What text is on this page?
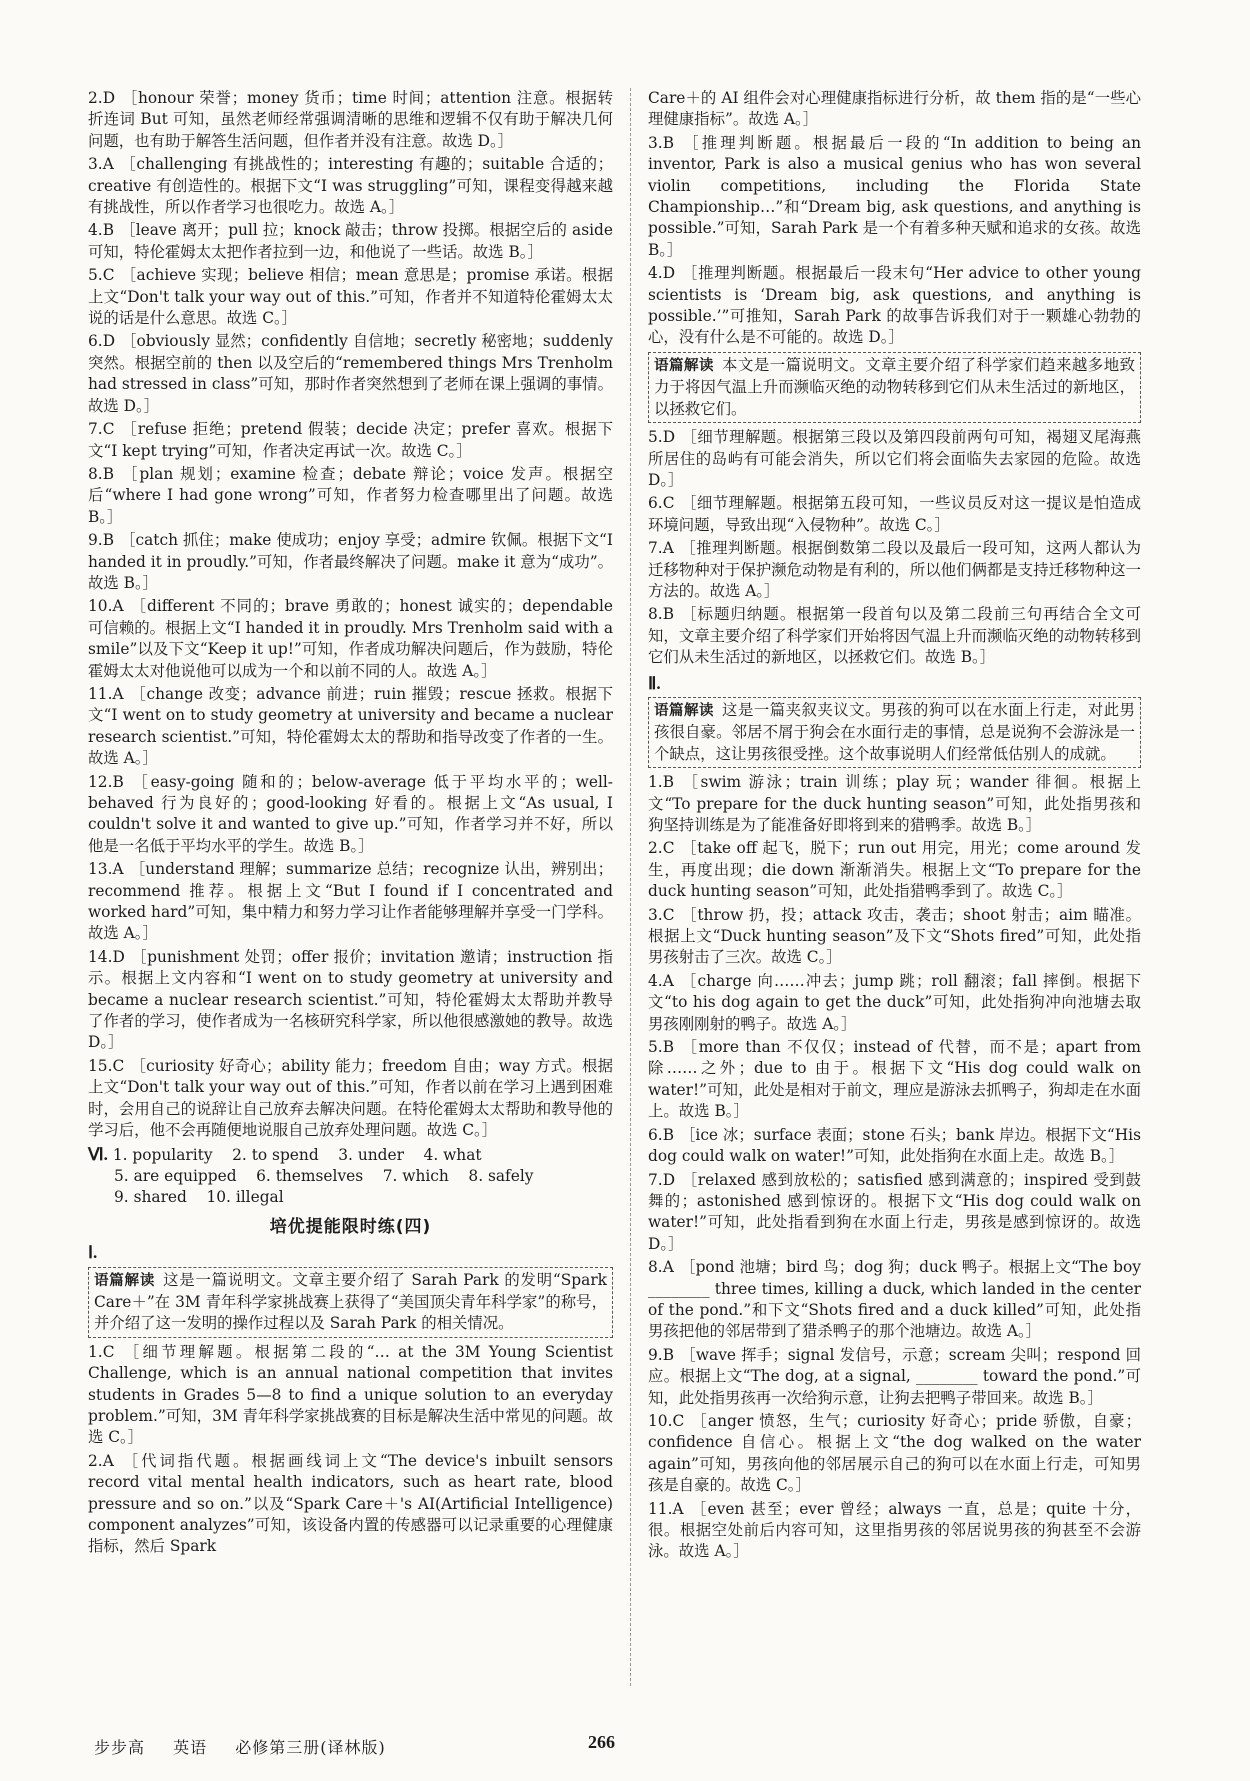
2.D ［honour 荣誉；money 货币；time 时间；attention 注意。根据转折连词 But 可知，虽然老师经常强调清晰的思维和逻辑不仅有助于解决几何问题，也有助于解答生活问题，但作者并没有注意。故选 D。］
3.A ［challenging 有挑战性的；interesting 有趣的；suitable 合适的；creative 有创造性的。根据下文“I was struggling”可知，课程变得越来越有挑战性，所以作者学习也很吃力。故选 A。］
4.B ［leave 离开；pull 拉；knock 敲击；throw 投掷。根据空后的 aside 可知，特伦霍姆太太把作者拉到一边，和他说了一些话。故选 B。］
5.C ［achieve 实现；believe 相信；mean 意思是；promise 承诺。根据上文“Don't talk your way out of this.”可知，作者并不知道特伦霍姆太太说的话是什么意思。故选 C。］
6.D ［obviously 显然；confidently 自信地；secretly 秘密地；suddenly 突然。根据空前的 then 以及空后的“remembered things Mrs Trenholm had stressed in class”可知，那时作者突然想到了老师在课上强调的事情。故选 D。］
7.C ［refuse 拒绝；pretend 假装；decide 决定；prefer 喜欢。根据下文“I kept trying”可知，作者决定再试一次。故选 C。］
8.B ［plan 规划；examine 检查；debate 辩论；voice 发声。根据空后“where I had gone wrong”可知，作者努力检查哪里出了问题。故选 B。］
9.B ［catch 抓住；make 使成功；enjoy 享受；admire 钦佩。根据下文“I handed it in proudly.”可知，作者最终解决了问题。make it 意为“成功”。故选 B。］
10.A ［different 不同的；brave 勇敢的；honest 诚实的；dependable 可信赖的。根据上文“I handed it in proudly. Mrs Trenholm said with a smile”以及下文“Keep it up!”可知，作者成功解决问题后，作为鼓励，特伦霍姆太太对他说他可以成为一个和以前不同的人。故选 A。］
11.A ［change 改变；advance 前进；ruin 摧毁；rescue 拯救。根据下文“I went on to study geometry at university and became a nuclear research scientist.”可知，特伦霍姆太太的帮助和指导改变了作者的一生。故选 A。］
12.B ［easy-going 随和的；below-average 低于平均水平的；well-behaved 行为良好的；good-looking 好看的。根据上文“As usual, I couldn't solve it and wanted to give up.”可知，作者学习并不好，所以他是一名低于平均水平的学生。故选 B。］
13.A ［understand 理解；summarize 总结；recognize 认出，辨别出；recommend 推荐。根据上文“But I found if I concentrated and worked hard”可知，集中精力和努力学习让作者能够理解并享受一门学科。故选 A。］
14.D ［punishment 处罚；offer 报价；invitation 邀请；instruction 指示。根据上文内容和“I went on to study geometry at university and became a nuclear research scientist.”可知，特伦霍姆太太帮助并教导了作者的学习，使作者成为一名核研究科学家，所以他很感激她的教导。故选 D。］
15.C ［curiosity 好奇心；ability 能力；freedom 自由；way 方式。根据上文“Don't talk your way out of this.”可知，作者以前在学习上遇到困难时，会用自己的说辞让自己放弃去解决问题。在特伦霍姆太太帮助和教导他的学习后，他不会再随便地说服自己放弃处理问题。故选 C。］
Ⅵ. 1. popularity    2. to spend    3. under    4. what
5. are equipped    6. themselves    7. which    8. safely
9. shared    10. illegal
培优提能限时练(四)
Ⅰ.
语篇解读 这是一篇说明文。文章主要介绍了 Sarah Park 的发明“Spark Care＋”在 3M 青年科学家挑战赛上获得了“美国顶尖青年科学家”的称号，并介绍了这一发明的操作过程以及 Sarah Park 的相关情况。
1.C ［细节理解题。根据第二段的“… at the 3M Young Scientist Challenge, which is an annual national competition that invites students in Grades 5—8 to find a unique solution to an everyday problem.”可知，3M 青年科学家挑战赛的目标是解决生活中常见的问题。故选 C。］
2.A ［代词指代题。根据画线词上文“The device's inbuilt sensors record vital mental health indicators, such as heart rate, blood pressure and so on.”以及“Spark Care＋'s AI(Artificial Intelligence) component analyzes”可知，该设备内置的传感器可以记录重要的心理健康指标，然后 Spark
Care＋的 AI 组件会对心理健康指标进行分析，故 them 指的是“一些心理健康指标”。故选 A。］
3.B ［推理判断题。根据最后一段的“In addition to being an inventor, Park is also a musical genius who has won several violin competitions, including the Florida State Championship…”和“Dream big, ask questions, and anything is possible.”可知，Sarah Park 是一个有着多种天赋和追求的女孩。故选 B。］
4.D ［推理判断题。根据最后一段末句“Her advice to other young scientists is ‘Dream big, ask questions, and anything is possible.’”可推知，Sarah Park 的故事告诉我们对于一颗雄心勃勃的心，没有什么是不可能的。故选 D。］
语篇解读 本文是一篇说明文。文章主要介绍了科学家们趋来越多地致力于将因气温上升而濒临灭绝的动物转移到它们从未生活过的新地区，以拯救它们。
5.D ［细节理解题。根据第三段以及第四段前两句可知，褐翅叉尾海燕所居住的岛屿有可能会消失，所以它们将会面临失去家园的危险。故选 D。］
6.C ［细节理解题。根据第五段可知，一些议员反对这一提议是怕造成环境问题，导致出现“入侵物种”。故选 C。］
7.A ［推理判断题。根据倒数第二段以及最后一段可知，这两人都认为迁移物种对于保护濒危动物是有利的，所以他们俩都是支持迁移物种这一方法的。故选 A。］
8.B ［标题归纳题。根据第一段首句以及第二段前三句再结合全文可知，文章主要介绍了科学家们开始将因气温上升而濒临灭绝的动物转移到它们从未生活过的新地区，以拯救它们。故选 B。］
Ⅱ.
语篇解读 这是一篇夹叙夹议文。男孩的狗可以在水面上行走，对此男孩很自豪。邻居不屑于狗会在水面行走的事情，总是说狗不会游泳是一个缺点，这让男孩很受挫。这个故事说明人们经常低估别人的成就。
1.B ［swim 游泳；train 训练；play 玩；wander 徘徊。根据上文“To prepare for the duck hunting season”可知，此处指男孩和狗坚持训练是为了能准备好即将到来的猎鸭季。故选 B。］
2.C ［take off 起飞，脱下；run out 用完，用光；come around 发生，再度出现；die down 渐渐消失。根据上文“To prepare for the duck hunting season”可知，此处指猎鸭季到了。故选 C。］
3.C ［throw 扔，投；attack 攻击，袭击；shoot 射击；aim 瞄准。根据上文“Duck hunting season”及下文“Shots fired”可知，此处指男孩射击了三次。故选 C。］
4.A ［charge 向……冲去；jump 跳；roll 翻滚；fall 摔倒。根据下文“to his dog again to get the duck”可知，此处指狗冲向池塘去取男孩刚刚射的鸭子。故选 A。］
5.B ［more than 不仅仅；instead of 代替，而不是；apart from 除……之外；due to 由于。根据下文“His dog could walk on water!”可知，此处是相对于前文，理应是游泳去抓鸭子，狗却走在水面上。故选 B。］
6.B ［ice 冰；surface 表面；stone 石头；bank 岸边。根据下文“His dog could walk on water!”可知，此处指狗在水面上走。故选 B。］
7.D ［relaxed 感到放松的；satisfied 感到满意的；inspired 受到鼓舞的；astonished 感到惊讶的。根据下文“His dog could walk on water!”可知，此处指看到狗在水面上行走，男孩是感到惊讶的。故选 D。］
8.A ［pond 池塘；bird 鸟；dog 狗；duck 鸭子。根据上文“The boy ________ three times, killing a duck, which landed in the center of the pond.”和下文“Shots fired and a duck killed”可知，此处指男孩把他的邻居带到了猎杀鸭子的那个池塘边。故选 A。］
9.B ［wave 挥手；signal 发信号，示意；scream 尖叫；respond 回应。根据上文“The dog, at a signal, ________ toward the pond.”可知，此处指男孩再一次给狗示意，让狗去把鸭子带回来。故选 B。］
10.C ［anger 愤怒，生气；curiosity 好奇心；pride 骄傲，自豪；confidence 自信心。根据上文“the dog walked on the water again”可知，男孩向他的邻居展示自己的狗可以在水面上行走，可知男孩是自豪的。故选 C。］
11.A ［even 甚至；ever 曾经；always 一直，总是；quite 十分，很。根据空处前后内容可知，这里指男孩的邻居说男孩的狗甚至不会游泳。故选 A。］
步步高 英语 必修第三册(译林版)	266
